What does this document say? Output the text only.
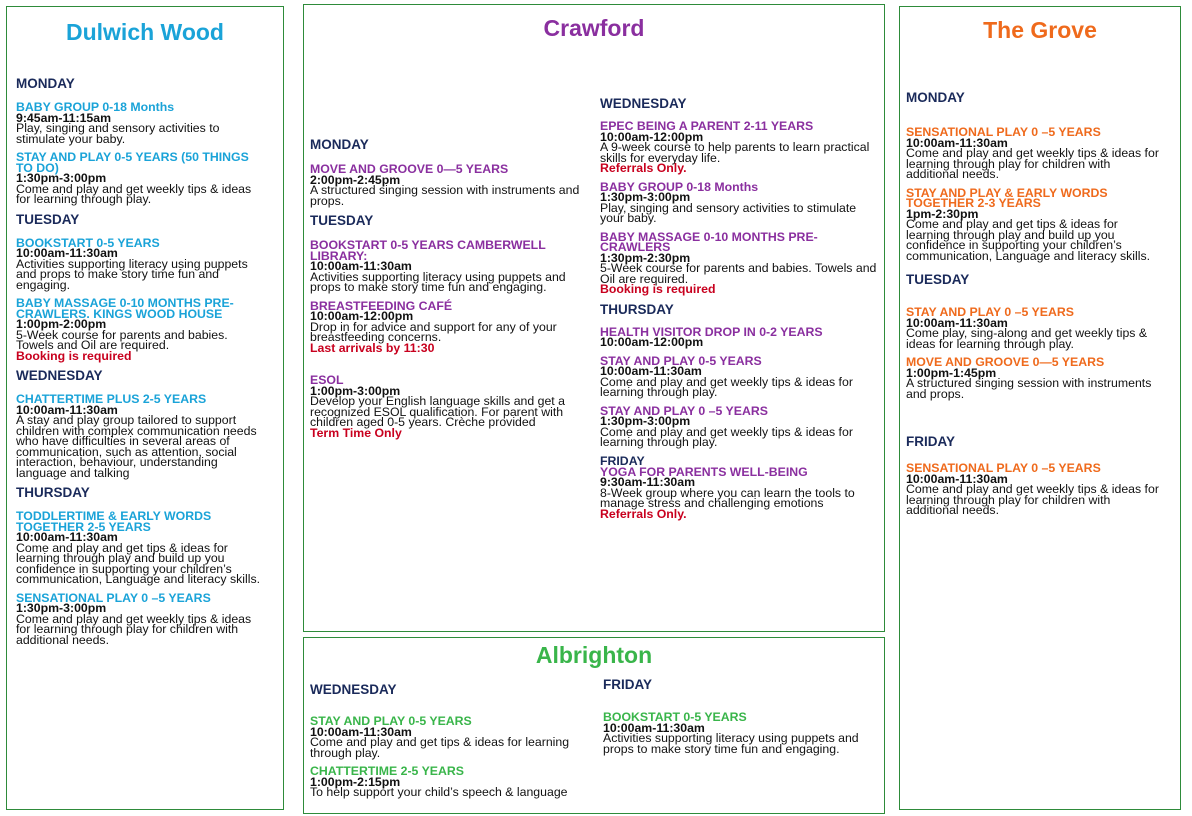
Dulwich Wood
MONDAY
BABY GROUP 0-18 Months
9:45am-11:15am
Play, singing and sensory activities to stimulate your baby.
STAY AND PLAY 0-5 YEARS (50 THINGS TO DO)
1:30pm-3:00pm
Come and play and get weekly tips & ideas for learning through play.
TUESDAY
BOOKSTART 0-5 YEARS
10:00am-11:30am
Activities supporting literacy using puppets and props to make story time fun and engaging.
BABY MASSAGE 0-10 MONTHS PRE-CRAWLERS. KINGS WOOD HOUSE
1:00pm-2:00pm
5-Week course for parents and babies. Towels and Oil are required.
Booking is required
WEDNESDAY
CHATTERTIME PLUS 2-5 YEARS
10:00am-11:30am
A stay and play group tailored to support children with complex communication needs who have difficulties in several areas of communication, such as attention, social interaction, behaviour, understanding language and talking
THURSDAY
TODDLERTIME & EARLY WORDS TOGETHER 2-5 YEARS
10:00am-11:30am
Come and play and get tips & ideas for learning through play and build up you confidence in supporting your children’s communication, Language and literacy skills.
SENSATIONAL PLAY 0 –5 YEARS
1:30pm-3:00pm
Come and play and get weekly tips & ideas for learning through play for children with additional needs.
Crawford
MONDAY
MOVE AND GROOVE 0—5 YEARS
2:00pm-2:45pm
A structured singing session with instruments and props.
TUESDAY
BOOKSTART 0-5 YEARS CAMBERWELL LIBRARY:
10:00am-11:30am
Activities supporting literacy using puppets and props to make story time fun and engaging.
BREASTFEEDING CAFÉ
10:00am-12:00pm
Drop in for advice and support for any of your breastfeeding concerns.
Last arrivals by 11:30
ESOL
1:00pm-3:00pm
Develop your English language skills and get a recognized ESOL qualification. For parent with children aged 0-5 years. Crèche provided
Term Time Only
WEDNESDAY
EPEC BEING A PARENT 2-11 YEARS
10:00am-12:00pm
A 9-week course to help parents to learn practical skills for everyday life.
Referrals Only.
BABY GROUP 0-18 Months
1:30pm-3:00pm
Play, singing and sensory activities to stimulate your baby.
BABY MASSAGE 0-10 MONTHS PRE-CRAWLERS
1:30pm-2:30pm
5-Week course for parents and babies. Towels and Oil are required.
Booking is required
THURSDAY
HEALTH VISITOR DROP IN 0-2 YEARS
10:00am-12:00pm
STAY AND PLAY 0-5 YEARS
10:00am-11:30am
Come and play and get weekly tips & ideas for learning through play.
STAY AND PLAY 0 –5 YEARS
1:30pm-3:00pm
Come and play and get weekly tips & ideas for learning through play.
FRIDAY
YOGA FOR PARENTS WELL-BEING
9:30am-11:30am
8-Week group where you can learn the tools to manage stress and challenging emotions
Referrals Only.
Albrighton
WEDNESDAY
STAY AND PLAY 0-5 YEARS
10:00am-11:30am
Come and play and get tips & ideas for learning through play.
CHATTERTIME 2-5 YEARS
1:00pm-2:15pm
To help support your child’s speech & language
FRIDAY
BOOKSTART 0-5 YEARS
10:00am-11:30am
Activities supporting literacy using puppets and props to make story time fun and engaging.
The Grove
MONDAY
SENSATIONAL PLAY 0 –5 YEARS
10:00am-11:30am
Come and play and get weekly tips & ideas for learning through play for children with additional needs.
STAY AND PLAY & EARLY WORDS TOGETHER 2-3 YEARS
1pm-2:30pm
Come and play and get tips & ideas for learning through play and build up you confidence in supporting your children’s communication, Language and literacy skills.
TUESDAY
STAY AND PLAY 0 –5 YEARS
10:00am-11:30am
Come play, sing-along and get weekly tips & ideas for learning through play.
MOVE AND GROOVE 0—5 YEARS
1:00pm-1:45pm
A structured singing session with instruments and props.
FRIDAY
SENSATIONAL PLAY 0 –5 YEARS
10:00am-11:30am
Come and play and get weekly tips & ideas for learning through play for children with additional needs.
